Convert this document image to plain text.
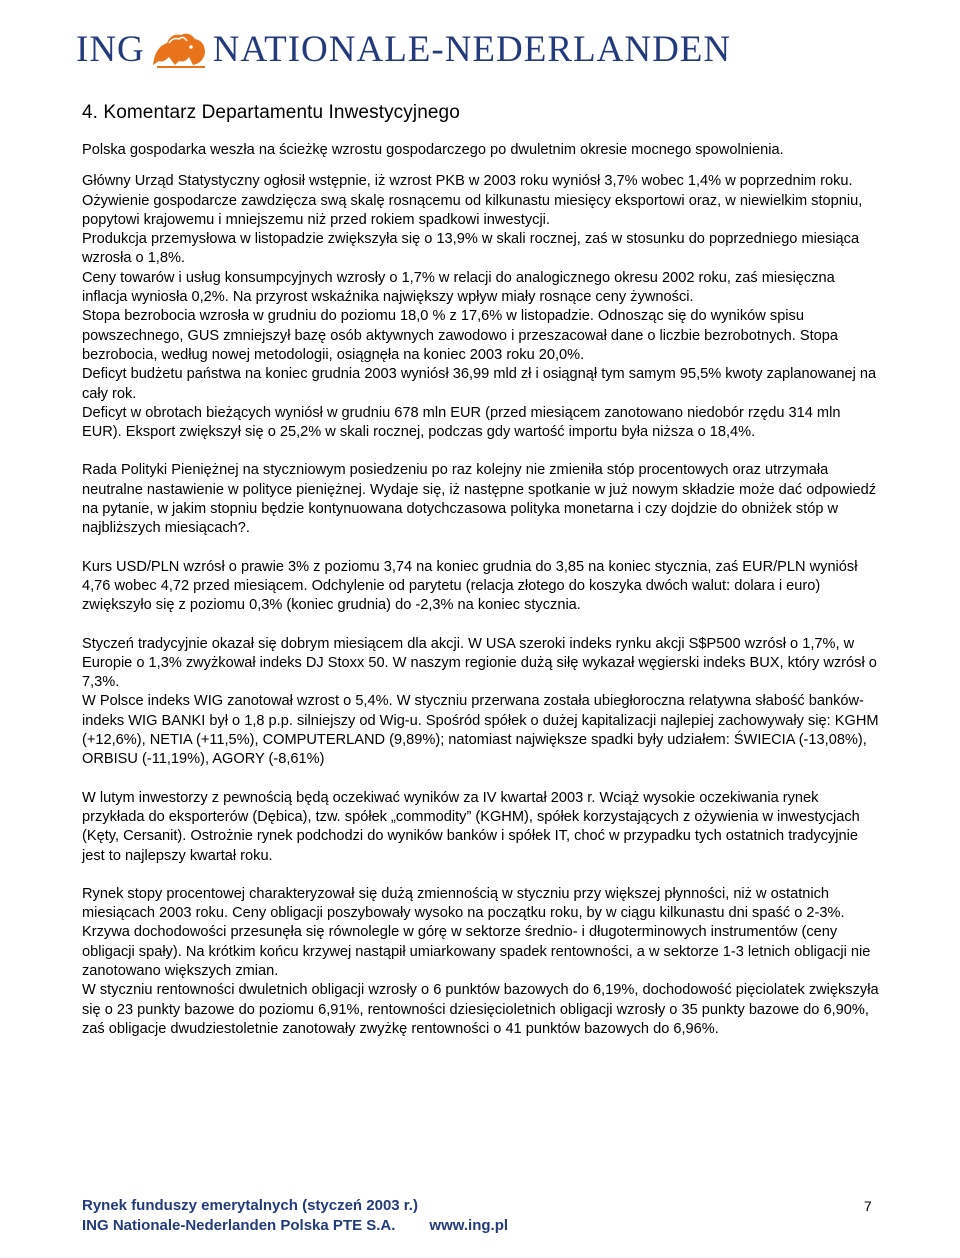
ING NATIONALE-NEDERLANDEN
4. Komentarz Departamentu Inwestycyjnego

Polska gospodarka weszła na ścieżkę wzrostu gospodarczego po dwuletnim okresie mocnego spowolnienia.

Główny Urząd Statystyczny ogłosił wstępnie, iż wzrost PKB w 2003 roku wyniósł 3,7% wobec 1,4% w poprzednim roku. Ożywienie gospodarcze zawdzięcza swą skalę rosnącemu od kilkunastu miesięcy eksportowi oraz, w niewielkim stopniu, popytowi krajowemu i mniejszemu niż przed rokiem spadkowi inwestycji.

Produkcja przemysłowa w listopadzie zwiększyła się o 13,9% w skali rocznej, zaś w stosunku do poprzedniego miesiąca wzrosła o 1,8%.

Ceny towarów i usług konsumpcyjnych wzrosły o 1,7% w relacji do analogicznego okresu 2002 roku, zaś miesięczna inflacja wyniosła 0,2%. Na przyrost wskaźnika największy wpływ miały rosnące ceny żywności.

Stopa bezrobocia wzrosła w grudniu do poziomu 18,0 % z 17,6% w listopadzie. Odnosząc się do wyników spisu powszechnego, GUS zmniejszył bazę osób aktywnych zawodowo i przeszacował dane o liczbie bezrobotnych. Stopa bezrobocia, według nowej metodologii, osiągnęła na koniec 2003 roku 20,0%.

Deficyt budżetu państwa na koniec grudnia 2003 wyniósł 36,99 mld zł i osiągnął tym samym 95,5% kwoty zaplanowanej na cały rok.

Deficyt w obrotach bieżących wyniósł w grudniu 678 mln EUR (przed miesiącem zanotowano niedobór rzędu 314 mln EUR). Eksport zwiększył się o 25,2% w skali rocznej, podczas gdy wartość importu była niższa o 18,4%.

Rada Polityki Pieniężnej na styczniowym posiedzeniu po raz kolejny nie zmieniła stóp procentowych oraz utrzymała neutralne nastawienie w polityce pieniężnej. Wydaje się, iż następne spotkanie w już nowym składzie może dać odpowiedź na pytanie, w jakim stopniu będzie kontynuowana dotychczasowa polityka monetarna i czy dojdzie do obniżek stóp w najbliższych miesiącach?.

Kurs USD/PLN wzrósł o prawie 3% z poziomu 3,74 na koniec grudnia do 3,85 na koniec stycznia, zaś EUR/PLN wyniósł 4,76 wobec 4,72 przed miesiącem. Odchylenie od parytetu (relacja złotego do koszyka dwóch walut: dolara i euro) zwiększyło się z poziomu 0,3% (koniec grudnia) do -2,3% na koniec stycznia.

Styczeń tradycyjnie okazał się dobrym miesiącem dla akcji. W USA szeroki indeks rynku akcji S$P500 wzrósł o 1,7%, w Europie o 1,3% zwyżkował indeks DJ Stoxx 50. W naszym regionie dużą siłę wykazał węgierski indeks BUX, który wzrósł o 7,3%.

W Polsce indeks WIG zanotował wzrost o 5,4%. W styczniu przerwana została ubiegłoroczna relatywna słabość banków- indeks WIG BANKI był o 1,8 p.p. silniejszy od Wig-u. Spośród spółek o dużej kapitalizacji najlepiej zachowywały się: KGHM (+12,6%), NETIA (+11,5%), COMPUTERLAND (9,89%); natomiast największe spadki były udziałem: ŚWIECIA (-13,08%), ORBISU (-11,19%), AGORY (-8,61%)

W lutym inwestorzy z pewnością będą oczekiwać wyników za IV kwartał 2003 r. Wciąż wysokie oczekiwania rynek przykłada do eksporterów (Dębica), tzw. spółek „commodity” (KGHM), spółek korzystających z ożywienia w inwestycjach (Kęty, Cersanit). Ostrożnie rynek podchodzi do wyników banków i spółek IT, choć w przypadku tych ostatnich tradycyjnie jest to najlepszy kwartał roku.

Rynek stopy procentowej charakteryzował się dużą zmiennością w styczniu przy większej płynności, niż w ostatnich miesiącach 2003 roku. Ceny obligacji poszybowały wysoko na początku roku, by w ciągu kilkunastu dni spaść o 2-3%. Krzywa dochodowości przesunęła się równolegle w górę w sektorze średnio- i długoterminowych instrumentów (ceny obligacji spały). Na krótkim końcu krzywej nastąpił umiarkowany spadek rentowności, a w sektorze 1-3 letnich obligacji nie zanotowano większych zmian.

W styczniu rentowności dwuletnich obligacji wzrosły o 6 punktów bazowych do 6,19%, dochodowość pięciolatek zwiększyła się o 23 punkty bazowe do poziomu 6,91%, rentowności dziesięcioletnich obligacji wzrosły o 35 punkty bazowe do 6,90%, zaś obligacje dwudziestoletnie zanotowały zwyżkę rentowności o 41 punktów bazowych do 6,96%.

Rynek funduszy emerytalnych (styczeń 2003 r.)
ING Nationale-Nederlanden Polska PTE S.A. www.ing.pl
7
